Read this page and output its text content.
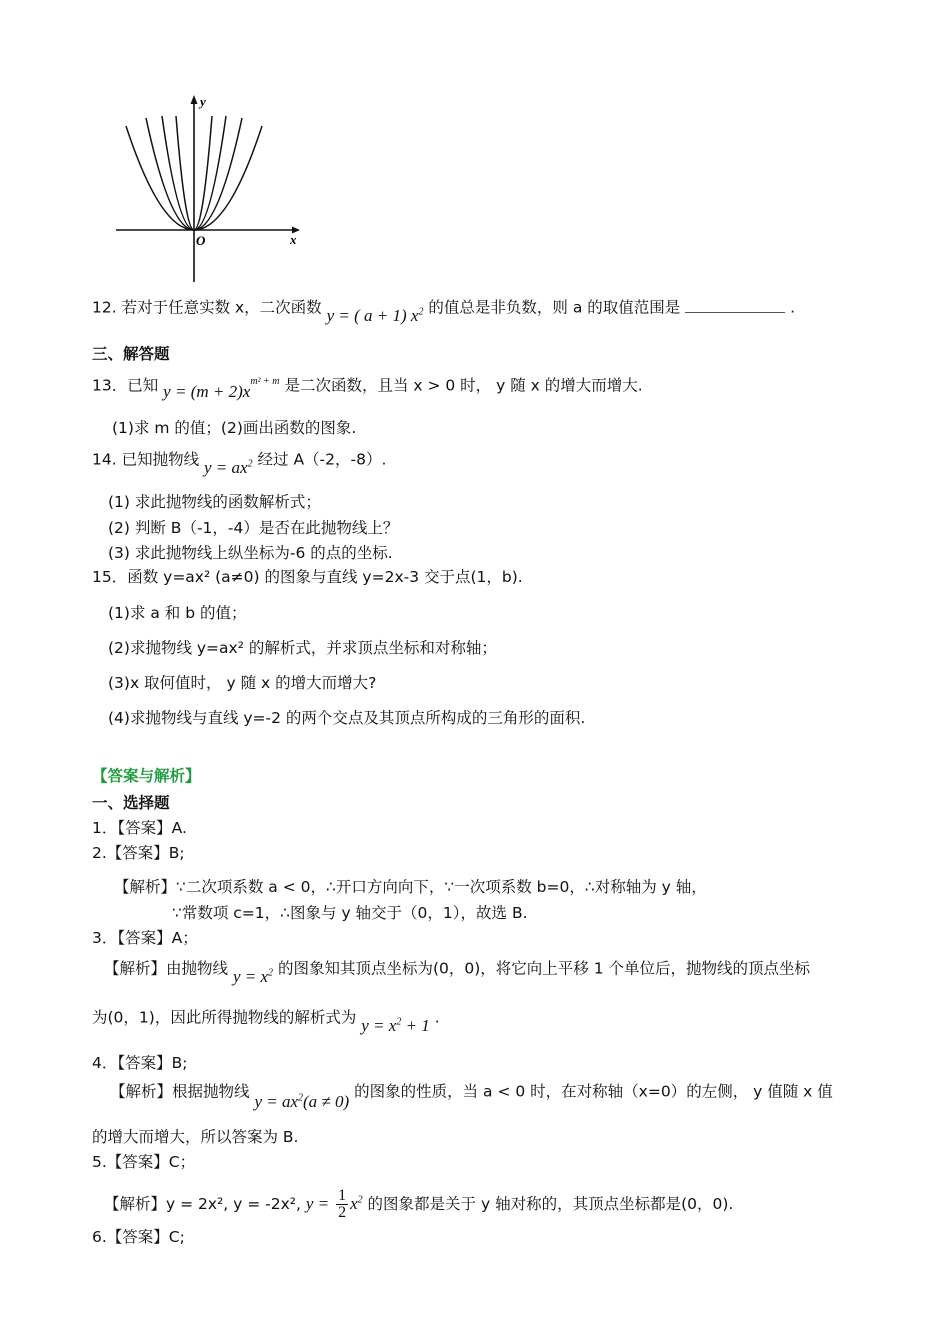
y
x
O
12. 若对于任意实数 x，二次函数 y = ( a + 1) $x^2$ 的值总是非负数，则 a 的取值范围是	.
三、解答题
13．已知 $y = (m + 2)x^{m^2 + m}$ 是二次函数，且当 x > 0 时， y 随 x 的增大而增大.
(1)求 m 的值；(2)画出函数的图象.
14. 已知抛物线 $y = ax^2$ 经过 A（-2，-8）.
(1) 求此抛物线的函数解析式；
(2) 判断 B（-1，-4）是否在此抛物线上？
(3) 求此抛物线上纵坐标为-6 的点的坐标.
15．函数 y=ax² (a≠0) 的图象与直线 y=2x-3 交于点(1，b).
(1)求 a 和 b 的值；
(2)求抛物线 y=ax² 的解析式，并求顶点坐标和对称轴；
(3)x 取何值时， y 随 x 的增大而增大?
(4)求抛物线与直线 y=-2 的两个交点及其顶点所构成的三角形的面积.
【答案与解析】
一、选择题
1．【答案】A.
2.【答案】B;
【解析】∵二次项系数 a < 0，∴开口方向向下，∵一次项系数 b=0，∴对称轴为 y 轴，
∵常数项 c=1，∴图象与 y 轴交于（0，1），故选 B.
3．【答案】A；
【解析】由抛物线 $y = x^2$ 的图象知其顶点坐标为(0，0)，将它向上平移 1 个单位后，抛物线的顶点坐标
为(0，1)，因此所得抛物线的解析式为 $y = x^2 + 1$ .
4．【答案】B;
【解析】根据抛物线 $y = ax^2(a \ne 0)$ 的图象的性质，当 a < 0 时，在对称轴（x=0）的左侧， y 值随 x 值
的增大而增大，所以答案为 B.
5.【答案】C；
【解析】y = 2x², y = -2x², $y = \frac{1}{2} x^2$ 的图象都是关于 y 轴对称的，其顶点坐标都是(0，0).
6.【答案】C;
